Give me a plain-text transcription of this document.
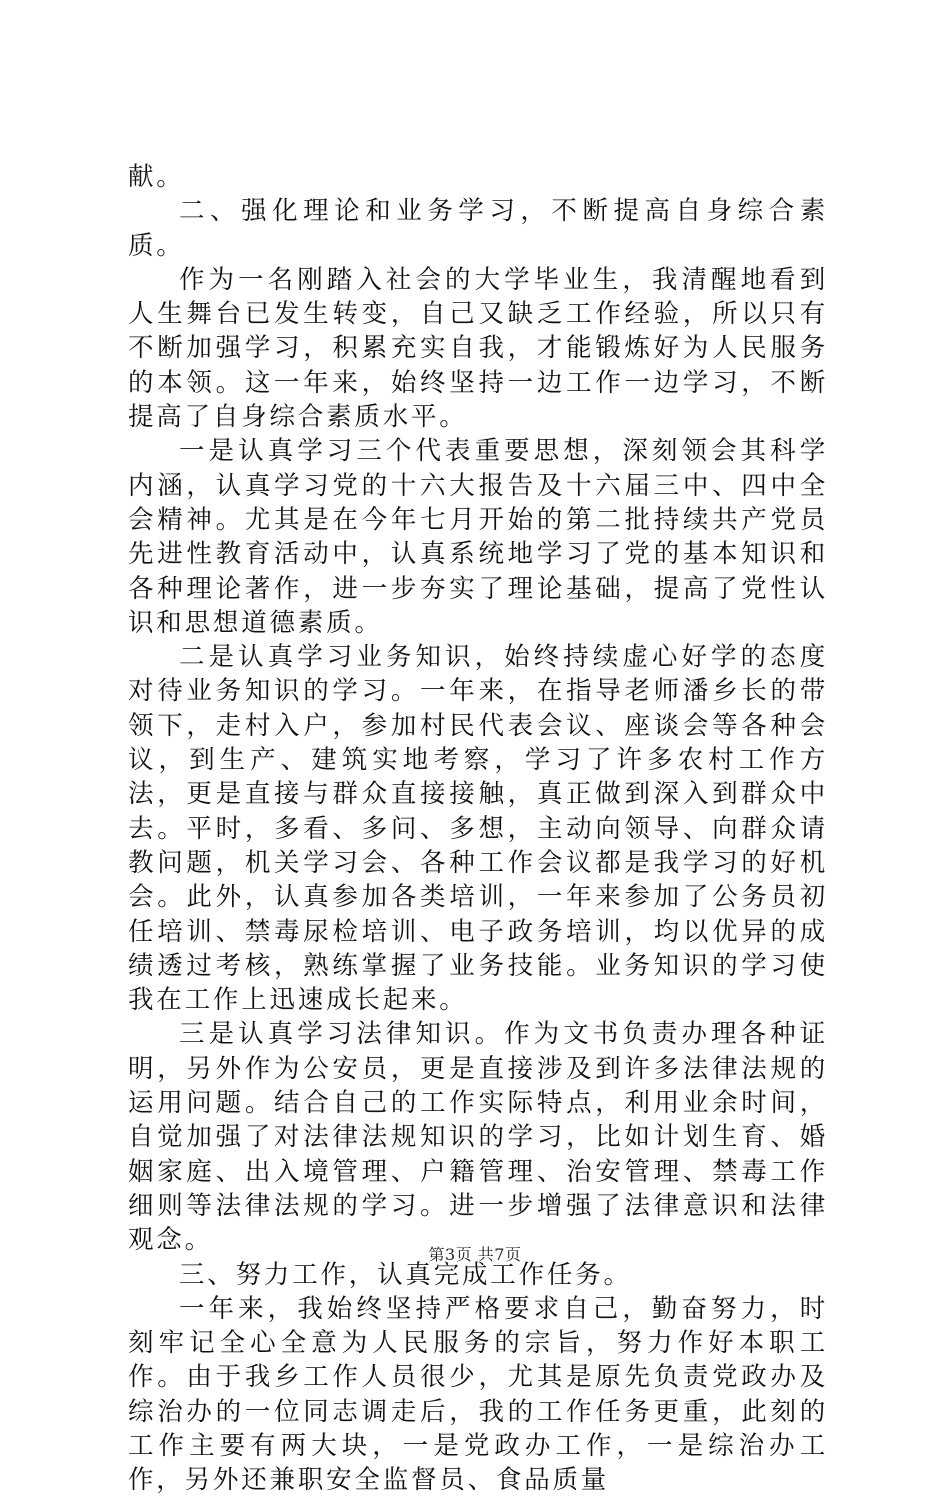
献。

二、强化理论和业务学习，不断提高自身综合素质。

作为一名刚踏入社会的大学毕业生，我清醒地看到人生舞台已发生转变，自己又缺乏工作经验，所以只有不断加强学习，积累充实自我，才能锻炼好为人民服务的本领。这一年来，始终坚持一边工作一边学习，不断提高了自身综合素质水平。

一是认真学习三个代表重要思想，深刻领会其科学内涵，认真学习党的十六大报告及十六届三中、四中全会精神。尤其是在今年七月开始的第二批持续共产党员先进性教育活动中，认真系统地学习了党的基本知识和各种理论著作，进一步夯实了理论基础，提高了党性认识和思想道德素质。

二是认真学习业务知识，始终持续虚心好学的态度对待业务知识的学习。一年来，在指导老师潘乡长的带领下，走村入户，参加村民代表会议、座谈会等各种会议，到生产、建筑实地考察，学习了许多农村工作方法，更是直接与群众直接接触，真正做到深入到群众中去。平时，多看、多问、多想，主动向领导、向群众请教问题，机关学习会、各种工作会议都是我学习的好机会。此外，认真参加各类培训，一年来参加了公务员初任培训、禁毒尿检培训、电子政务培训，均以优异的成绩透过考核，熟练掌握了业务技能。业务知识的学习使我在工作上迅速成长起来。

三是认真学习法律知识。作为文书负责办理各种证明，另外作为公安员，更是直接涉及到许多法律法规的运用问题。结合自己的工作实际特点，利用业余时间，自觉加强了对法律法规知识的学习，比如计划生育、婚姻家庭、出入境管理、户籍管理、治安管理、禁毒工作细则等法律法规的学习。进一步增强了法律意识和法律观念。

三、努力工作，认真完成工作任务。

一年来，我始终坚持严格要求自己，勤奋努力，时刻牢记全心全意为人民服务的宗旨，努力作好本职工作。由于我乡工作人员很少，尤其是原先负责党政办及综治办的一位同志调走后，我的工作任务更重，此刻的工作主要有两大块，一是党政办工作，一是综治办工作，另外还兼职安全监督员、食品质量

第3页 共7页
